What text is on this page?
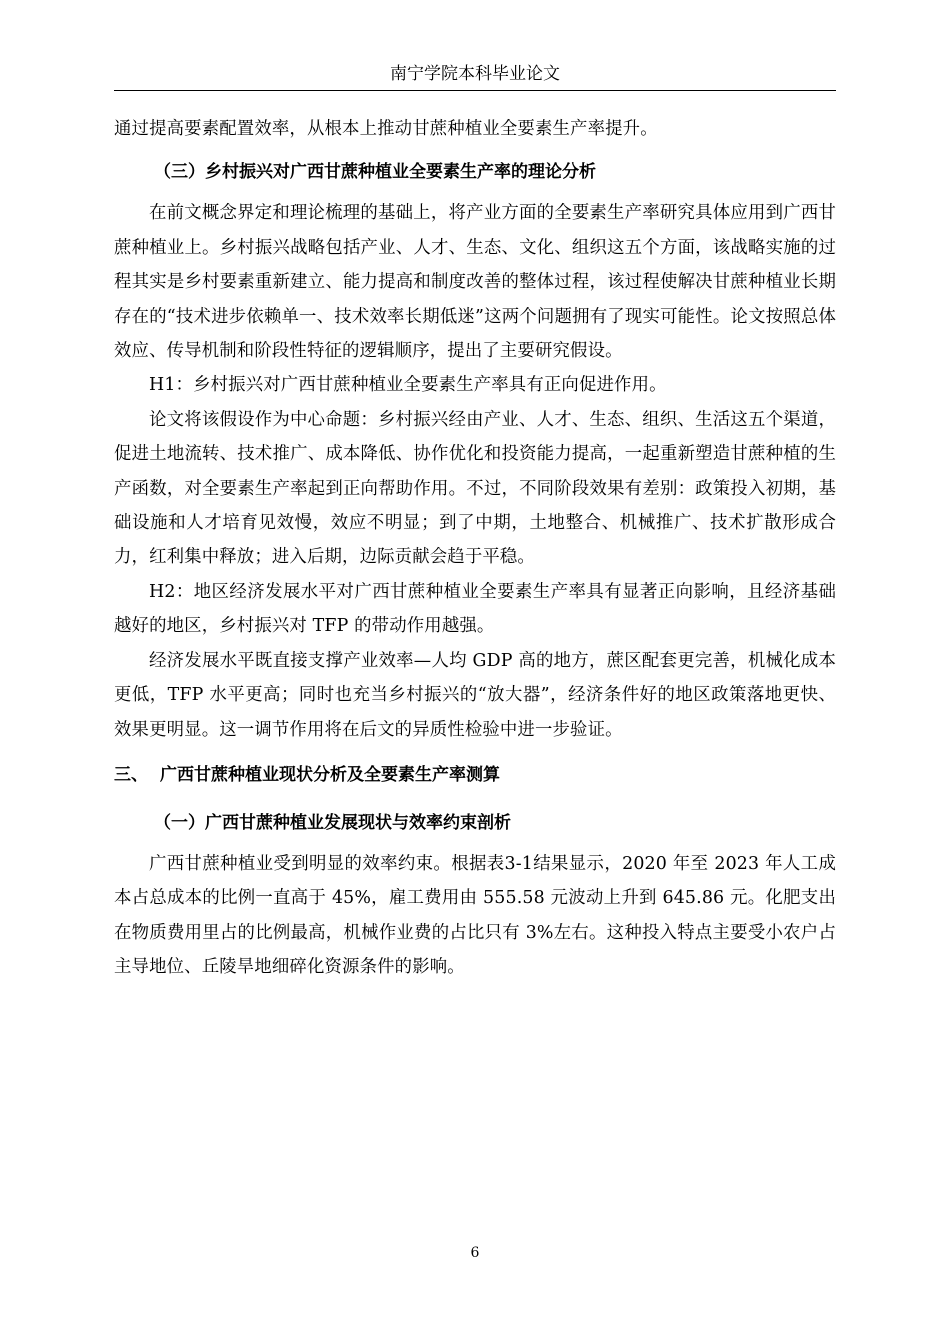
南宁学院本科毕业论文

通过提高要素配置效率，从根本上推动甘蔗种植业全要素生产率提升。

（三）乡村振兴对广西甘蔗种植业全要素生产率的理论分析

在前文概念界定和理论梳理的基础上，将产业方面的全要素生产率研究具体应用到广西甘蔗种植业上。乡村振兴战略包括产业、人才、生态、文化、组织这五个方面，该战略实施的过程其实是乡村要素重新建立、能力提高和制度改善的整体过程，该过程使解决甘蔗种植业长期存在的“技术进步依赖单一、技术效率长期低迷”这两个问题拥有了现实可能性。论文按照总体效应、传导机制和阶段性特征的逻辑顺序，提出了主要研究假设。

H1：乡村振兴对广西甘蔗种植业全要素生产率具有正向促进作用。

论文将该假设作为中心命题：乡村振兴经由产业、人才、生态、组织、生活这五个渠道，促进土地流转、技术推广、成本降低、协作优化和投资能力提高，一起重新塑造甘蔗种植的生产函数，对全要素生产率起到正向帮助作用。不过，不同阶段效果有差别：政策投入初期，基础设施和人才培育见效慢，效应不明显；到了中期，土地整合、机械推广、技术扩散形成合力，红利集中释放；进入后期，边际贡献会趋于平稳。

H2：地区经济发展水平对广西甘蔗种植业全要素生产率具有显著正向影响，且经济基础越好的地区，乡村振兴对 TFP 的带动作用越强。

经济发展水平既直接支撑产业效率—人均 GDP 高的地方，蔗区配套更完善，机械化成本更低，TFP 水平更高；同时也充当乡村振兴的“放大器”，经济条件好的地区政策落地更快、效果更明显。这一调节作用将在后文的异质性检验中进一步验证。

三、 广西甘蔗种植业现状分析及全要素生产率测算
（一）广西甘蔗种植业发展现状与效率约束剖析

广西甘蔗种植业受到明显的效率约束。根据表3-1结果显示，2020 年至 2023 年人工成本占总成本的比例一直高于 45%，雇工费用由 555.58 元波动上升到 645.86 元。化肥支出在物质费用里占的比例最高，机械作业费的占比只有 3%左右。这种投入特点主要受小农户占主导地位、丘陵旱地细碎化资源条件的影响。

6
